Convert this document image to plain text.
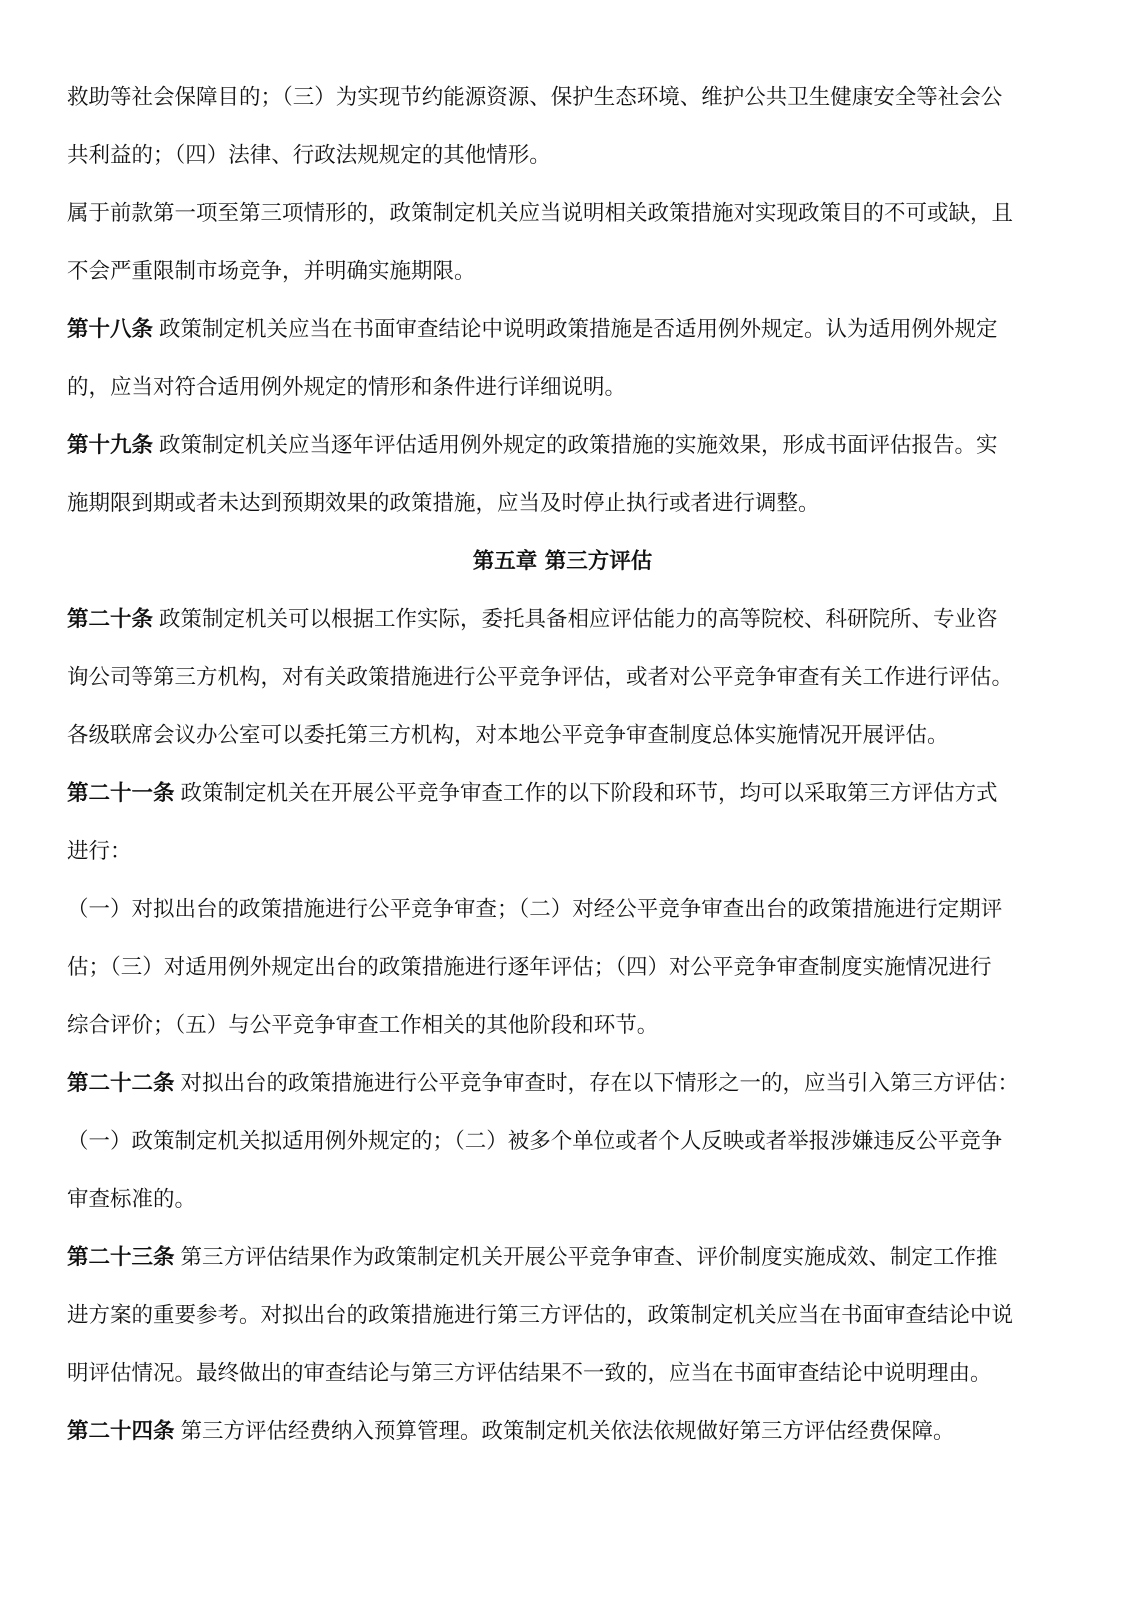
救助等社会保障目的；（三）为实现节约能源资源、保护生态环境、维护公共卫生健康安全等社会公
共利益的；（四）法律、行政法规规定的其他情形。
属于前款第一项至第三项情形的，政策制定机关应当说明相关政策措施对实现政策目的不可或缺，且
不会严重限制市场竞争，并明确实施期限。
第十八条 政策制定机关应当在书面审查结论中说明政策措施是否适用例外规定。认为适用例外规定
的，应当对符合适用例外规定的情形和条件进行详细说明。
第十九条 政策制定机关应当逐年评估适用例外规定的政策措施的实施效果，形成书面评估报告。实
施期限到期或者未达到预期效果的政策措施，应当及时停止执行或者进行调整。
第五章 第三方评估
第二十条 政策制定机关可以根据工作实际，委托具备相应评估能力的高等院校、科研院所、专业咨
询公司等第三方机构，对有关政策措施进行公平竞争评估，或者对公平竞争审查有关工作进行评估。
各级联席会议办公室可以委托第三方机构，对本地公平竞争审查制度总体实施情况开展评估。
第二十一条 政策制定机关在开展公平竞争审查工作的以下阶段和环节，均可以采取第三方评估方式
进行：
（一）对拟出台的政策措施进行公平竞争审查；（二）对经公平竞争审查出台的政策措施进行定期评
估；（三）对适用例外规定出台的政策措施进行逐年评估；（四）对公平竞争审查制度实施情况进行
综合评价；（五）与公平竞争审查工作相关的其他阶段和环节。
第二十二条 对拟出台的政策措施进行公平竞争审查时，存在以下情形之一的，应当引入第三方评估：
（一）政策制定机关拟适用例外规定的；（二）被多个单位或者个人反映或者举报涉嫌违反公平竞争
审查标准的。
第二十三条 第三方评估结果作为政策制定机关开展公平竞争审查、评价制度实施成效、制定工作推
进方案的重要参考。对拟出台的政策措施进行第三方评估的，政策制定机关应当在书面审查结论中说
明评估情况。最终做出的审查结论与第三方评估结果不一致的，应当在书面审查结论中说明理由。
第二十四条 第三方评估经费纳入预算管理。政策制定机关依法依规做好第三方评估经费保障。
